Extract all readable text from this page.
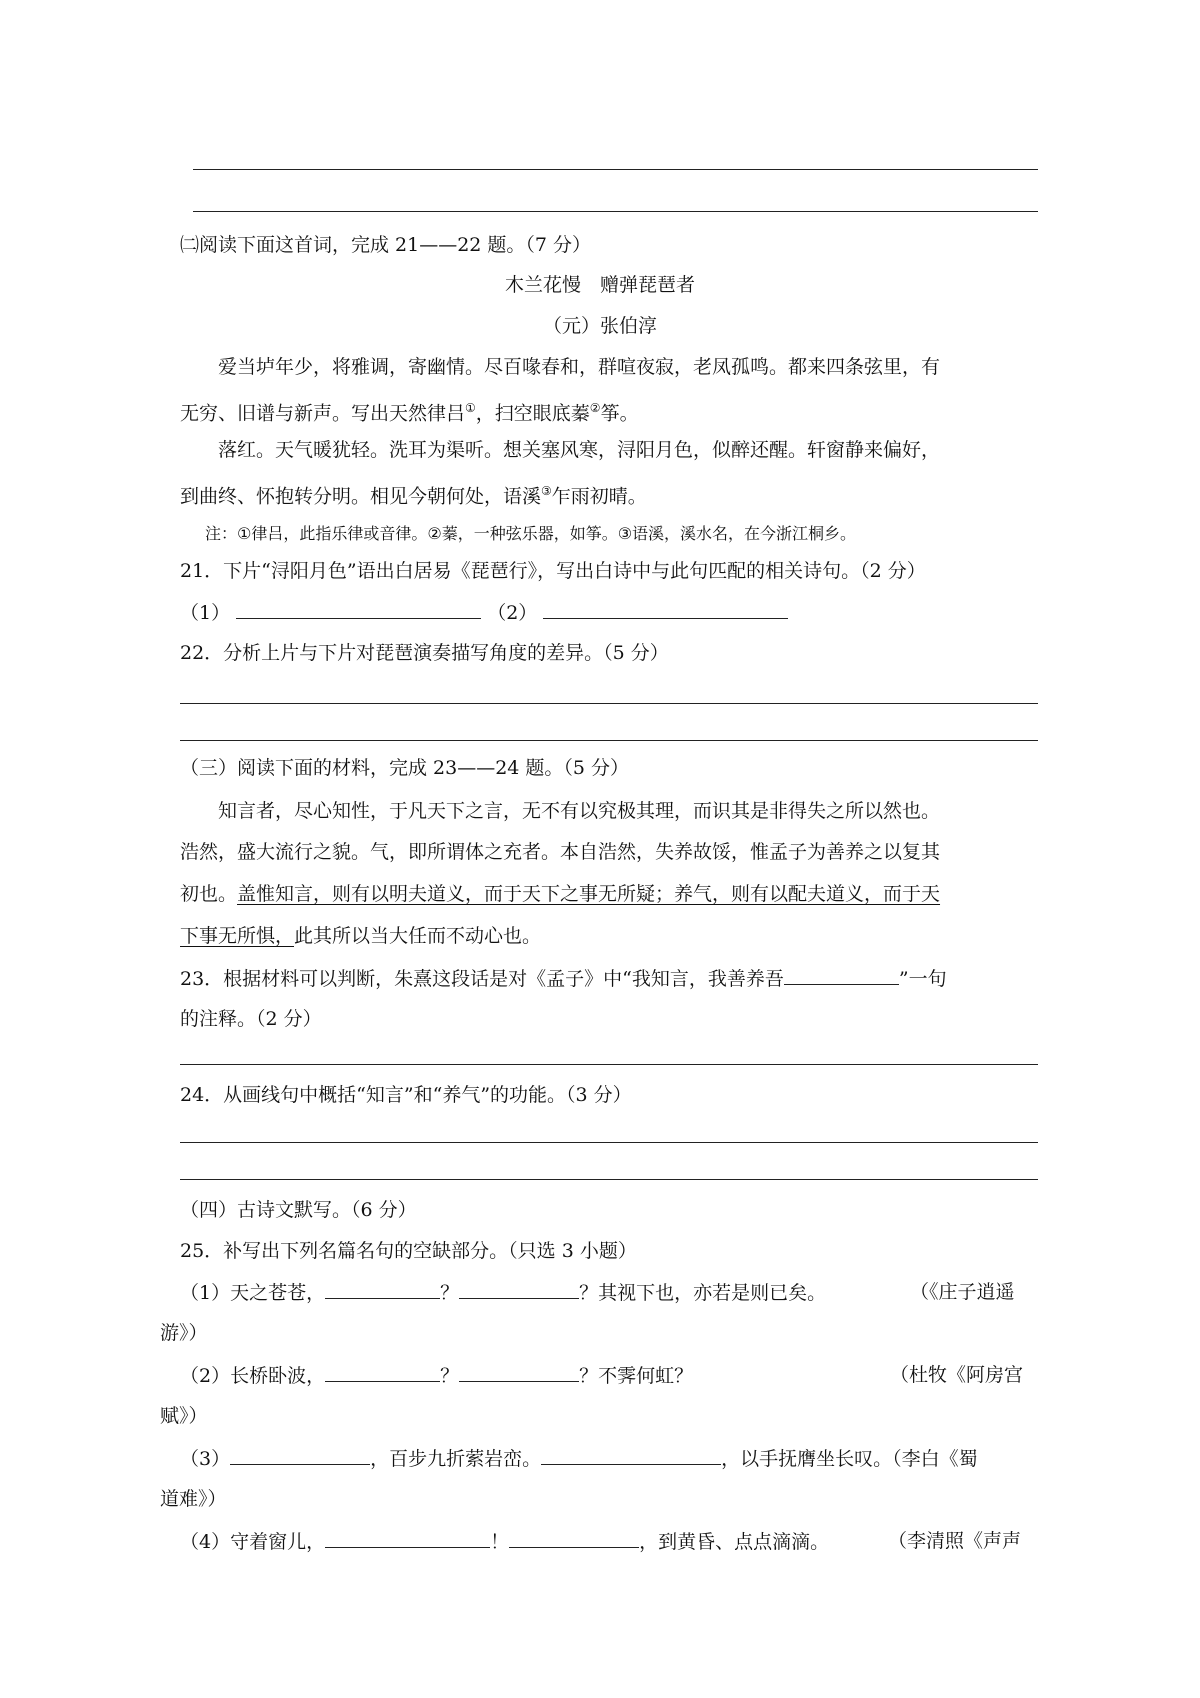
㈡阅读下面这首词，完成 21——22 题。（7 分）
木兰花慢　赠弹琵琶者
（元）张伯淳
爱当垆年少，将雅调，寄幽情。尽百喙春和，群喧夜寂，老凤孤鸣。都来四条弦里，有
无穷、旧谱与新声。写出天然律吕①，扫空眼底蓁②筝。
落红。天气暖犹轻。洗耳为渠听。想关塞风寒，浔阳月色，似醉还醒。轩窗静来偏好，
到曲终、怀抱转分明。相见今朝何处，语溪③乍雨初晴。
注：①律吕，此指乐律或音律。②蓁，一种弦乐器，如筝。③语溪，溪水名，在今浙江桐乡。
21．下片“浔阳月色”语出白居易《琵琶行》，写出白诗中与此句匹配的相关诗句。（2 分）
（1）	（2）
22．分析上片与下片对琵琶演奏描写角度的差异。（5 分）
（三）阅读下面的材料，完成 23——24 题。（5 分）
知言者，尽心知性，于凡天下之言，无不有以究极其理，而识其是非得失之所以然也。
浩然，盛大流行之貌。气，即所谓体之充者。本自浩然，失养故馁，惟孟子为善养之以复其
初也。盖惟知言，则有以明夫道义，而于天下之事无所疑；养气，则有以配夫道义，而于天
下事无所惧，此其所以当大任而不动心也。
23．根据材料可以判断，朱熹这段话是对《孟子》中“我知言，我善养吾	”一句
的注释。（2 分）
24．从画线句中概括“知言”和“养气”的功能。（3 分）
（四）古诗文默写。（6 分）
25．补写出下列名篇名句的空缺部分。（只选 3 小题）
（1）天之苍苍，	？	？其视下也，亦若是则已矣。	（《庄子逍遥
游》）
（2）长桥卧波，	？	？不霁何虹？	（杜牧《阿房宫
赋》）
（3）	，百步九折萦岩峦。	，以手抚膺坐长叹。（李白《蜀
道难》）
（4）守着窗儿，	！	，到黄昏、点点滴滴。	（李清照《声声
